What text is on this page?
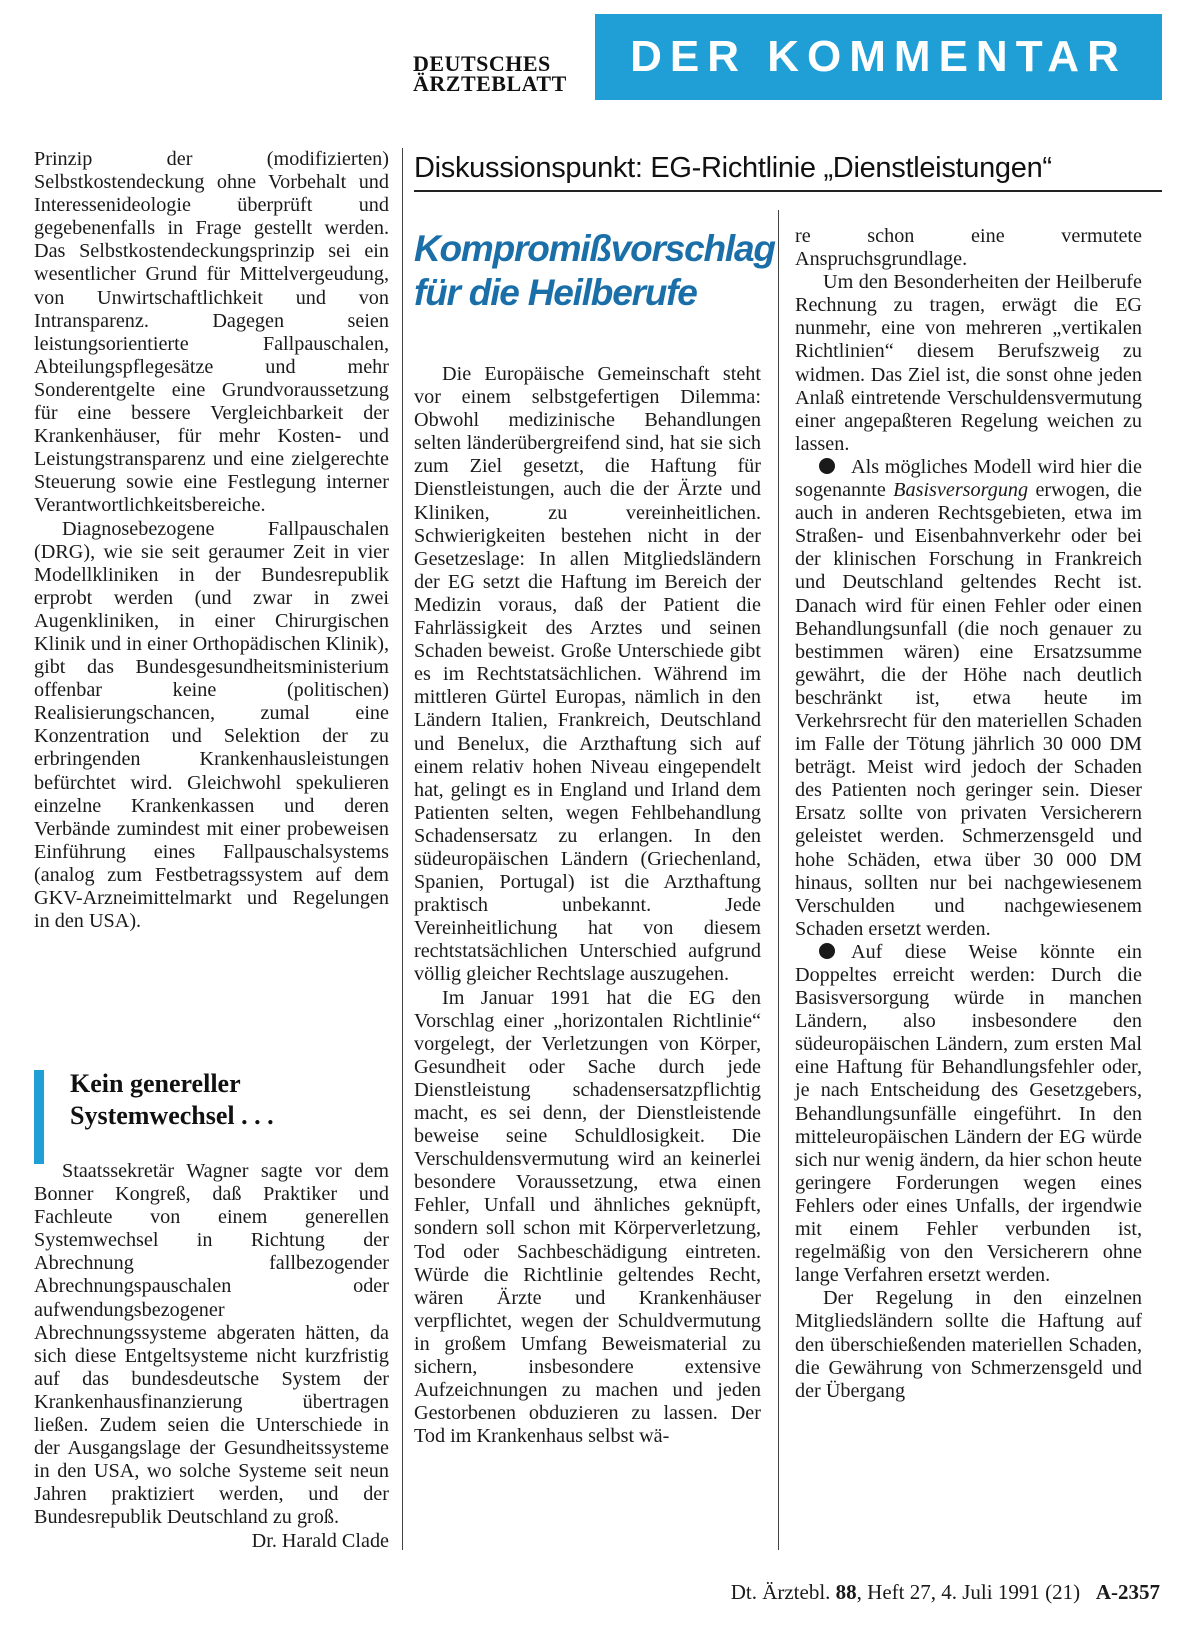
DEUTSCHES
ÄRZTEBLATT
DER KOMMENTAR

Prinzip der (modifizierten) Selbstkostendeckung ohne Vorbehalt und Interessenideologie überprüft und gegebenenfalls in Frage gestellt werden. Das Selbstkostendeckungsprinzip sei ein wesentlicher Grund für Mittelvergeudung, von Unwirtschaftlichkeit und von Intransparenz. Dagegen seien leistungsorientierte Fallpauschalen, Abteilungspflegesätze und mehr Sonderentgelte eine Grundvoraussetzung für eine bessere Vergleichbarkeit der Krankenhäuser, für mehr Kosten- und Leistungstransparenz und eine zielgerechte Steuerung sowie eine Festlegung interner Verantwortlichkeitsbereiche.

Diagnosebezogene Fallpauschalen (DRG), wie sie seit geraumer Zeit in vier Modellkliniken in der Bundesrepublik erprobt werden (und zwar in zwei Augenkliniken, in einer Chirurgischen Klinik und in einer Orthopädischen Klinik), gibt das Bundesgesundheitsministerium offenbar keine (politischen) Realisierungschancen, zumal eine Konzentration und Selektion der zu erbringenden Krankenhausleistungen befürchtet wird. Gleichwohl spekulieren einzelne Krankenkassen und deren Verbände zumindest mit einer probeweisen Einführung eines Fallpauschalsystems (analog zum Festbetragssystem auf dem GKV-Arzneimittelmarkt und Regelungen in den USA).

Kein genereller
Systemwechsel . . .

Staatssekretär Wagner sagte vor dem Bonner Kongreß, daß Praktiker und Fachleute von einem generellen Systemwechsel in Richtung der Abrechnung fallbezogender Abrechnungspauschalen oder aufwendungsbezogener Abrechnungssysteme abgeraten hätten, da sich diese Entgeltsysteme nicht kurzfristig auf das bundesdeutsche System der Krankenhausfinanzierung übertragen ließen. Zudem seien die Unterschiede in der Ausgangslage der Gesundheitssysteme in den USA, wo solche Systeme seit neun Jahren praktiziert werden, und der Bundesrepublik Deutschland zu groß.
Dr. Harald Clade

Diskussionspunkt: EG-Richtlinie „Dienstleistungen“
Kompromißvorschlag
für die Heilberufe

Die Europäische Gemeinschaft steht vor einem selbstgefertigen Dilemma: Obwohl medizinische Behandlungen selten länderübergreifend sind, hat sie sich zum Ziel gesetzt, die Haftung für Dienstleistungen, auch die der Ärzte und Kliniken, zu vereinheitlichen. Schwierigkeiten bestehen nicht in der Gesetzeslage: In allen Mitgliedsländern der EG setzt die Haftung im Bereich der Medizin voraus, daß der Patient die Fahrlässigkeit des Arztes und seinen Schaden beweist. Große Unterschiede gibt es im Rechtstatsächlichen. Während im mittleren Gürtel Europas, nämlich in den Ländern Italien, Frankreich, Deutschland und Benelux, die Arzthaftung sich auf einem relativ hohen Niveau eingependelt hat, gelingt es in England und Irland dem Patienten selten, wegen Fehlbehandlung Schadensersatz zu erlangen. In den südeuropäischen Ländern (Griechenland, Spanien, Portugal) ist die Arzthaftung praktisch unbekannt. Jede Vereinheitlichung hat von diesem rechtstatsächlichen Unterschied aufgrund völlig gleicher Rechtslage auszugehen.

Im Januar 1991 hat die EG den Vorschlag einer „horizontalen Richtlinie“ vorgelegt, der Verletzungen von Körper, Gesundheit oder Sache durch jede Dienstleistung schadensersatzpflichtig macht, es sei denn, der Dienstleistende beweise seine Schuldlosigkeit. Die Verschuldensvermutung wird an keinerlei besondere Voraussetzung, etwa einen Fehler, Unfall und ähnliches geknüpft, sondern soll schon mit Körperverletzung, Tod oder Sachbeschädigung eintreten. Würde die Richtlinie geltendes Recht, wären Ärzte und Krankenhäuser verpflichtet, wegen der Schuldvermutung in großem Umfang Beweismaterial zu sichern, insbesondere extensive Aufzeichnungen zu machen und jeden Gestorbenen obduzieren zu lassen. Der Tod im Krankenhaus selbst wä-

re schon eine vermutete Anspruchsgrundlage.

Um den Besonderheiten der Heilberufe Rechnung zu tragen, erwägt die EG nunmehr, eine von mehreren „vertikalen Richtlinien“ diesem Berufszweig zu widmen. Das Ziel ist, die sonst ohne jeden Anlaß eintretende Verschuldensvermutung einer angepaßteren Regelung weichen zu lassen.

Als mögliches Modell wird hier die sogenannte Basisversorgung erwogen, die auch in anderen Rechtsgebieten, etwa im Straßen- und Eisenbahnverkehr oder bei der klinischen Forschung in Frankreich und Deutschland geltendes Recht ist. Danach wird für einen Fehler oder einen Behandlungsunfall (die noch genauer zu bestimmen wären) eine Ersatzsumme gewährt, die der Höhe nach deutlich beschränkt ist, etwa heute im Verkehrsrecht für den materiellen Schaden im Falle der Tötung jährlich 30 000 DM beträgt. Meist wird jedoch der Schaden des Patienten noch geringer sein. Dieser Ersatz sollte von privaten Versicherern geleistet werden. Schmerzensgeld und hohe Schäden, etwa über 30 000 DM hinaus, sollten nur bei nachgewiesenem Verschulden und nachgewiesenem Schaden ersetzt werden.

Auf diese Weise könnte ein Doppeltes erreicht werden: Durch die Basisversorgung würde in manchen Ländern, also insbesondere den südeuropäischen Ländern, zum ersten Mal eine Haftung für Behandlungsfehler oder, je nach Entscheidung des Gesetzgebers, Behandlungsunfälle eingeführt. In den mitteleuropäischen Ländern der EG würde sich nur wenig ändern, da hier schon heute geringere Forderungen wegen eines Fehlers oder eines Unfalls, der irgendwie mit einem Fehler verbunden ist, regelmäßig von den Versicherern ohne lange Verfahren ersetzt werden.

Der Regelung in den einzelnen Mitgliedsländern sollte die Haftung auf den überschießenden materiellen Schaden, die Gewährung von Schmerzensgeld und der Übergang

Dt. Ärztebl. 88, Heft 27, 4. Juli 1991 (21) A-2357
